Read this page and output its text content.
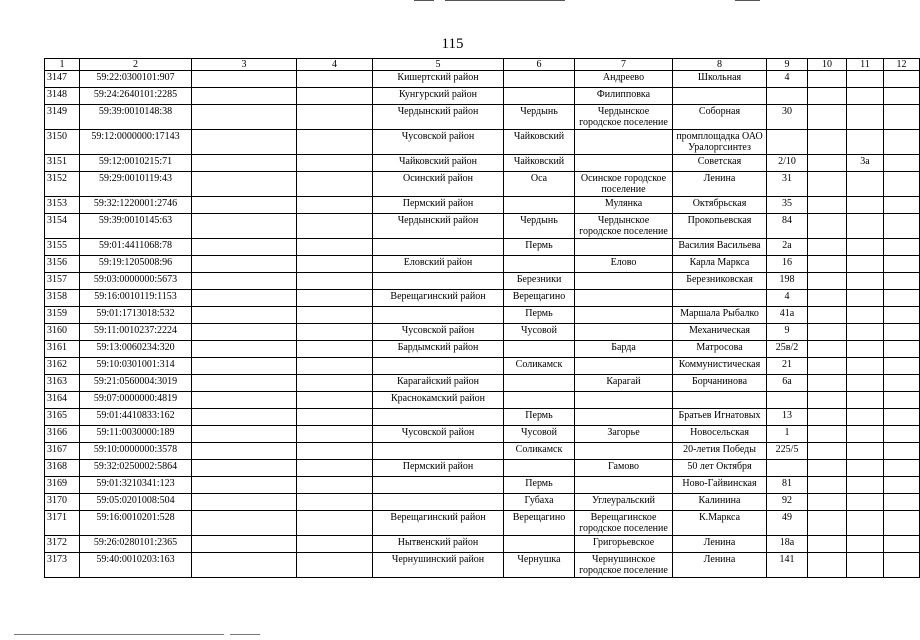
115
1	2	3	4	5	6	7	8	9	10	11	12
3147	59:22:0300101:907			Кишертский район		Андреево	Школьная	4			
3148	59:24:2640101:2285			Кунгурский район		Филипповка					
3149	59:39:0010148:38			Чердынский район	Чердынь	Чердынское городское поселение	Соборная	30			
3150	59:12:0000000:17143			Чусовской район	Чайковский		промплощадка ОАО Уралоргсинтез				
3151	59:12:0010215:71			Чайковский район	Чайковский		Советская	2/10		3а	
3152	59:29:0010119:43			Осинский район	Оса	Осинское городское поселение	Ленина	31			
3153	59:32:1220001:2746			Пермский район		Мулянка	Октябрьская	35			
3154	59:39:0010145:63			Чердынский район	Чердынь	Чердынское городское поселение	Прокопьевская	84			
3155	59:01:4411068:78				Пермь		Василия Васильева	2а			
3156	59:19:1205008:96			Еловский район		Елово	Карла Маркса	16			
3157	59:03:0000000:5673				Березники		Березниковская	198			
3158	59:16:0010119:1153			Верещагинский район	Верещагино			4			
3159	59:01:1713018:532				Пермь		Маршала Рыбалко	41а			
3160	59:11:0010237:2224			Чусовской район	Чусовой		Механическая	9			
3161	59:13:0060234:320			Бардымский район		Барда	Матросова	25в/2			
3162	59:10:0301001:314				Соликамск		Коммунистическая	21			
3163	59:21:0560004:3019			Карагайский район		Карагай	Борчанинова	6а			
3164	59:07:0000000:4819			Краснокамский район							
3165	59:01:4410833:162				Пермь		Братьев Игнатовых	13			
3166	59:11:0030000:189			Чусовской район	Чусовой	Загорье	Новосельская	1			
3167	59:10:0000000:3578				Соликамск		20-летия Победы	225/5			
3168	59:32:0250002:5864			Пермский район		Гамово	50 лет Октября				
3169	59:01:3210341:123				Пермь		Ново-Гайвинская	81			
3170	59:05:0201008:504				Губаха	Углеуральский	Калинина	92			
3171	59:16:0010201:528			Верещагинский район	Верещагино	Верещагинское городское поселение	К.Маркса	49			
3172	59:26:0280101:2365			Нытвенский район		Григорьевское	Ленина	18а			
3173	59:40:0010203:163			Чернушинский район	Чернушка	Чернушинское городское поселение	Ленина	141			
